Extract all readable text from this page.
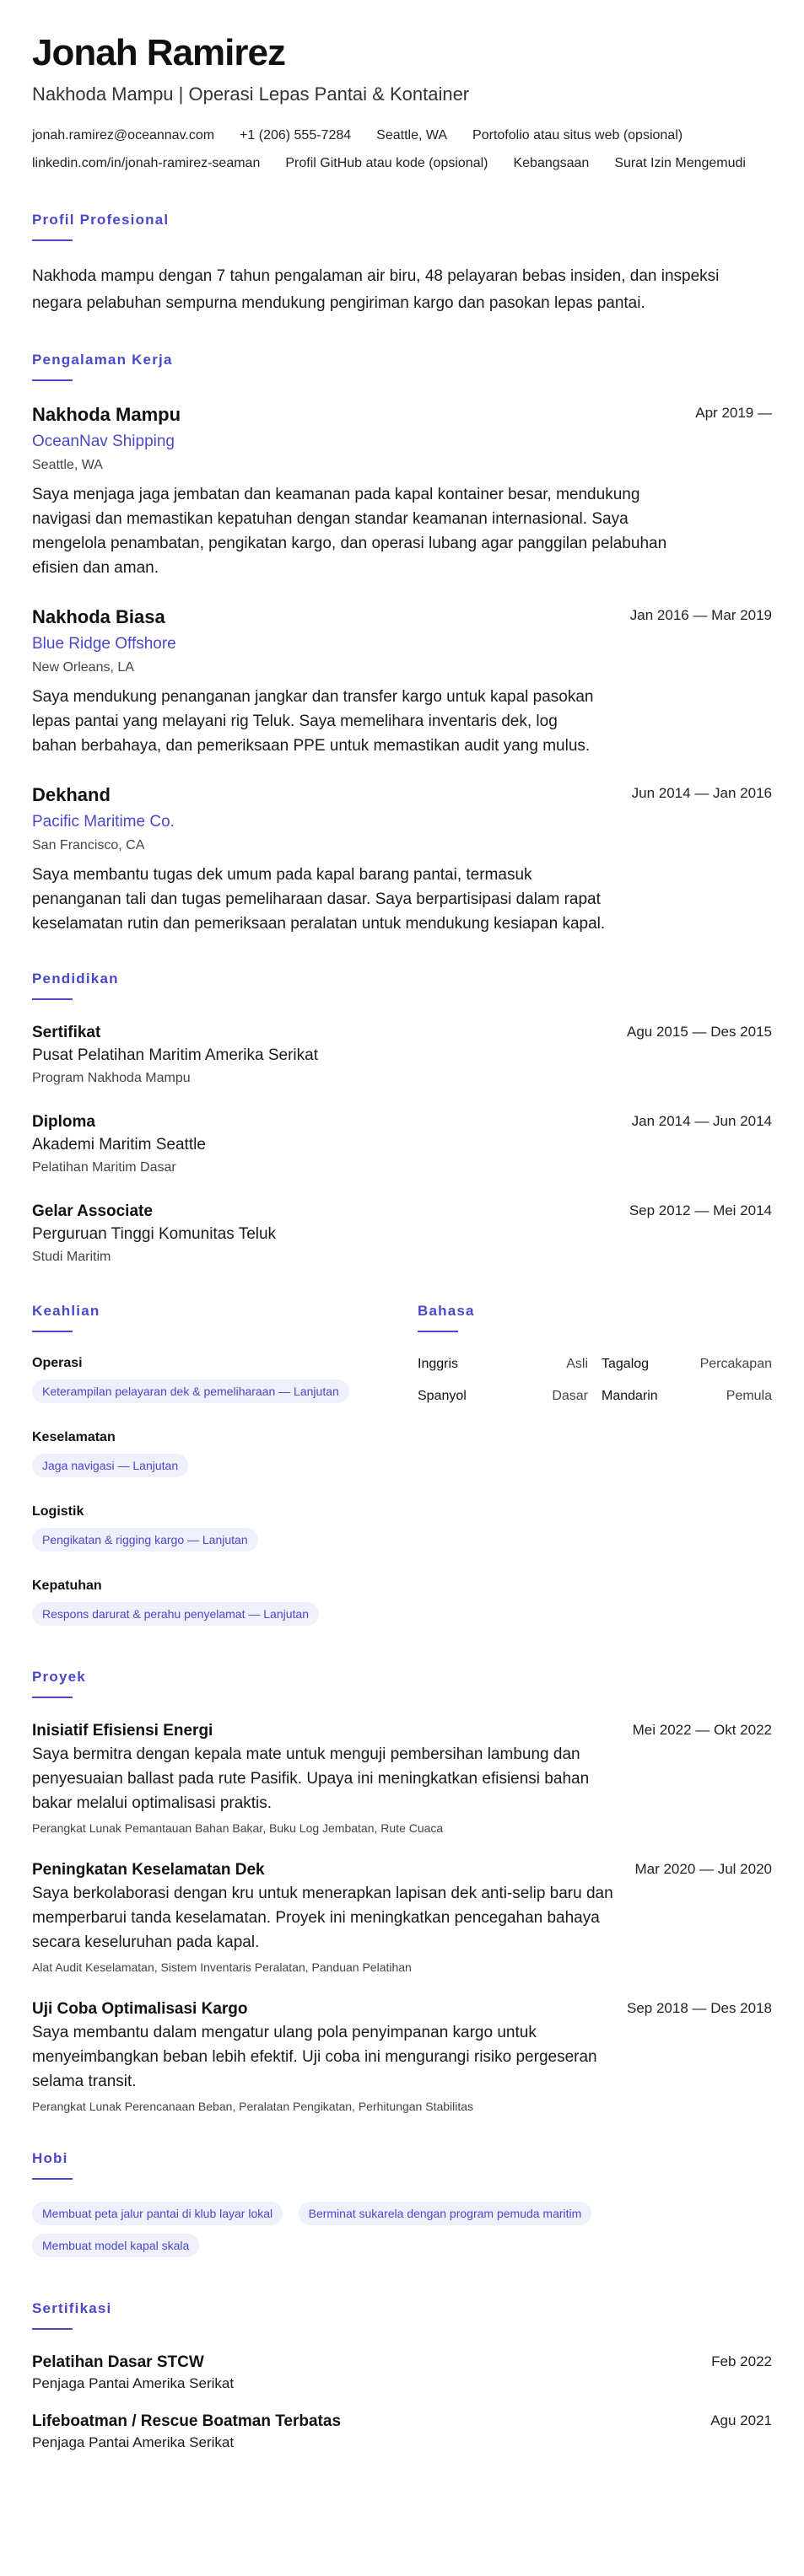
Jonah Ramirez
Nakhoda Mampu | Operasi Lepas Pantai & Kontainer
jonah.ramirez@oceannav.com +1 (206) 555-7284 Seattle, WA Portofolio atau situs web (opsional)
linkedin.com/in/jonah-ramirez-seaman Profil GitHub atau kode (opsional) Kebangsaan Surat Izin Mengemudi
Profil Profesional
Nakhoda mampu dengan 7 tahun pengalaman air biru, 48 pelayaran bebas insiden, dan inspeksi negara pelabuhan sempurna mendukung pengiriman kargo dan pasokan lepas pantai.
Pengalaman Kerja
Nakhoda Mampu	Apr 2019 —
OceanNav Shipping
Seattle, WA
Saya menjaga jaga jembatan dan keamanan pada kapal kontainer besar, mendukung navigasi dan memastikan kepatuhan dengan standar keamanan internasional. Saya mengelola penambatan, pengikatan kargo, dan operasi lubang agar panggilan pelabuhan efisien dan aman.
Nakhoda Biasa	Jan 2016 — Mar 2019
Blue Ridge Offshore
New Orleans, LA
Saya mendukung penanganan jangkar dan transfer kargo untuk kapal pasokan lepas pantai yang melayani rig Teluk. Saya memelihara inventaris dek, log bahan berbahaya, dan pemeriksaan PPE untuk memastikan audit yang mulus.
Dekhand	Jun 2014 — Jan 2016
Pacific Maritime Co.
San Francisco, CA
Saya membantu tugas dek umum pada kapal barang pantai, termasuk penanganan tali dan tugas pemeliharaan dasar. Saya berpartisipasi dalam rapat keselamatan rutin dan pemeriksaan peralatan untuk mendukung kesiapan kapal.
Pendidikan
Sertifikat	Agu 2015 — Des 2015
Pusat Pelatihan Maritim Amerika Serikat
Program Nakhoda Mampu
Diploma	Jan 2014 — Jun 2014
Akademi Maritim Seattle
Pelatihan Maritim Dasar
Gelar Associate	Sep 2012 — Mei 2014
Perguruan Tinggi Komunitas Teluk
Studi Maritim
Keahlian
Operasi
Keterampilan pelayaran dek & pemeliharaan — Lanjutan
Keselamatan
Jaga navigasi — Lanjutan
Logistik
Pengikatan & rigging kargo — Lanjutan
Kepatuhan
Respons darurat & perahu penyelamat — Lanjutan
Bahasa
Inggris	Asli Tagalog	Percakapan
Spanyol	Dasar Mandarin	Pemula
Proyek
Inisiatif Efisiensi Energi	Mei 2022 — Okt 2022
Saya bermitra dengan kepala mate untuk menguji pembersihan lambung dan penyesuaian ballast pada rute Pasifik. Upaya ini meningkatkan efisiensi bahan bakar melalui optimalisasi praktis.
Perangkat Lunak Pemantauan Bahan Bakar, Buku Log Jembatan, Rute Cuaca
Peningkatan Keselamatan Dek	Mar 2020 — Jul 2020
Saya berkolaborasi dengan kru untuk menerapkan lapisan dek anti-selip baru dan memperbarui tanda keselamatan. Proyek ini meningkatkan pencegahan bahaya secara keseluruhan pada kapal.
Alat Audit Keselamatan, Sistem Inventaris Peralatan, Panduan Pelatihan
Uji Coba Optimalisasi Kargo	Sep 2018 — Des 2018
Saya membantu dalam mengatur ulang pola penyimpanan kargo untuk menyeimbangkan beban lebih efektif. Uji coba ini mengurangi risiko pergeseran selama transit.
Perangkat Lunak Perencanaan Beban, Peralatan Pengikatan, Perhitungan Stabilitas
Hobi
Membuat peta jalur pantai di klub layar lokal	Berminat sukarela dengan program pemuda maritim Membuat model kapal skala
Sertifikasi
Pelatihan Dasar STCW	Feb 2022
Penjaga Pantai Amerika Serikat
Lifeboatman / Rescue Boatman Terbatas	Agu 2021
Penjaga Pantai Amerika Serikat
